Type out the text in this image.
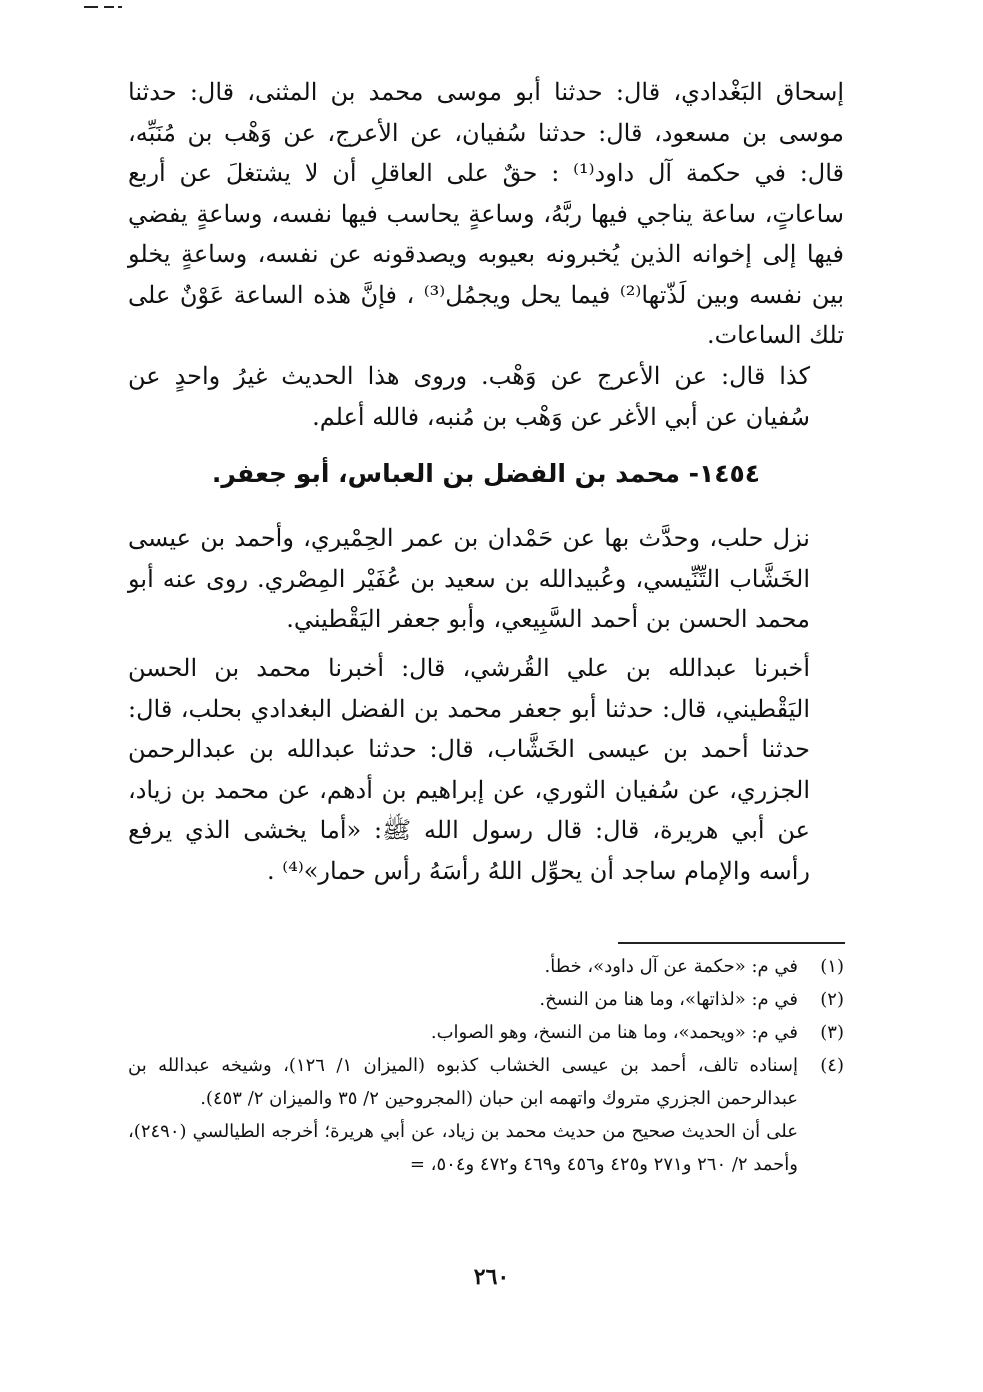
إسحاق البَغْدادي، قال: حدثنا أبو موسى محمد بن المثنى، قال: حدثنا موسى بن مسعود، قال: حدثنا سُفيان، عن الأعرج، عن وَهْب بن مُنَبِّه، قال: في حكمة آل داود⁽¹⁾ : حقٌ على العاقلِ أن لا يشتغلَ عن أربع ساعاتٍ، ساعة يناجي فيها ربَّهُ، وساعةٍ يحاسب فيها نفسه، وساعةٍ يفضي فيها إلى إخوانه الذين يُخبرونه بعيوبه ويصدقونه عن نفسه، وساعةٍ يخلو بين نفسه وبين لَذّتها⁽²⁾ فيما يحل ويجمُل⁽³⁾ ، فإنَّ هذه الساعة عَوْنٌ على تلك الساعات.

كذا قال: عن الأعرج عن وَهْب. وروى هذا الحديث غيرُ واحدٍ عن سُفيان عن أبي الأغر عن وَهْب بن مُنبه، فالله أعلم.

١٤٥٤- محمد بن الفضل بن العباس، أبو جعفر.

نزل حلب، وحدَّث بها عن حَمْدان بن عمر الحِمْيري، وأحمد بن عيسى الخَشَّاب التِّنِّيسي، وعُبيدالله بن سعيد بن عُفَيْر المِصْري. روى عنه أبو محمد الحسن بن أحمد السَّبِيعي، وأبو جعفر اليَقْطيني.

أخبرنا عبدالله بن علي القُرشي، قال: أخبرنا محمد بن الحسن اليَقْطيني، قال: حدثنا أبو جعفر محمد بن الفضل البغدادي بحلب، قال: حدثنا أحمد بن عيسى الخَشَّاب، قال: حدثنا عبدالله بن عبدالرحمن الجزري، عن سُفيان الثوري، عن إبراهيم بن أدهم، عن محمد بن زياد، عن أبي هريرة، قال: قال رسول الله ﷺ: «أما يخشى الذي يرفع رأسه والإمام ساجد أن يحوِّل اللهُ رأسَهُ رأس حمار»⁽⁴⁾ .

(١)
في م: «حكمة عن آل داود»، خطأ.
(٢)
في م: «لذاتها»، وما هنا من النسخ.
(٣)
في م: «ويحمد»، وما هنا من النسخ، وهو الصواب.
(٤)
إسناده تالف، أحمد بن عيسى الخشاب كذبوه (الميزان ١/ ١٢٦)، وشيخه عبدالله بن عبدالرحمن الجزري متروك واتهمه ابن حبان (المجروحين ٢/ ٣٥ والميزان ٢/ ٤٥٣).
على أن الحديث صحيح من حديث محمد بن زياد، عن أبي هريرة؛ أخرجه الطيالسي (٢٤٩٠)، وأحمد ٢/ ٢٦٠ و٢٧١ و٤٢٥ و٤٥٦ و٤٦٩ و٤٧٢ و٥٠٤، =
٢٦٠
